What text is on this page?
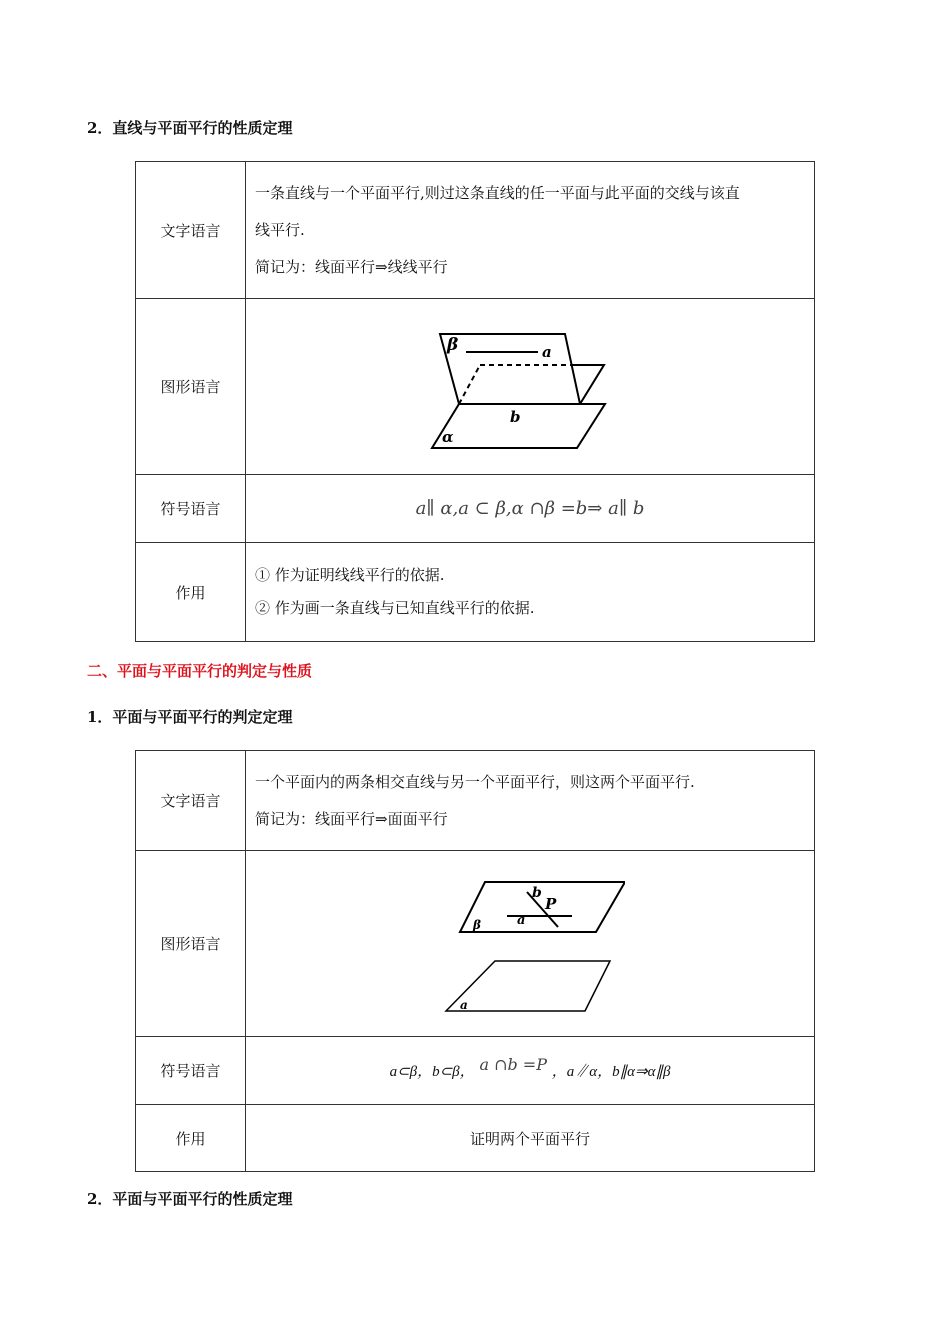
2．直线与平面平行的性质定理
文字语言	一条直线与一个平面平行,则过这条直线的任一平面与此平面的交线与该直
线平行.
简记为：线面平行⇒线线平行

图形语言	β a
b
α

符号语言	a∥ α,a ⊂ β,α ∩β =b⇒ a∥ b
作用	① 作为证明线线平行的依据.
② 作为画一条直线与已知直线平行的依据.
二、平面与平面平行的判定与性质
1．平面与平面平行的判定定理
文字语言	一个平面内的两条相交直线与另一个平面平行，则这两个平面平行.
简记为：线面平行⇒面面平行

图形语言	b
P
a
β
a

符号语言	a⊂β，b⊂β， a ∩b =P ，a∥α，b∥α⇒α∥β
作用	证明两个平面平行
2．平面与平面平行的性质定理
